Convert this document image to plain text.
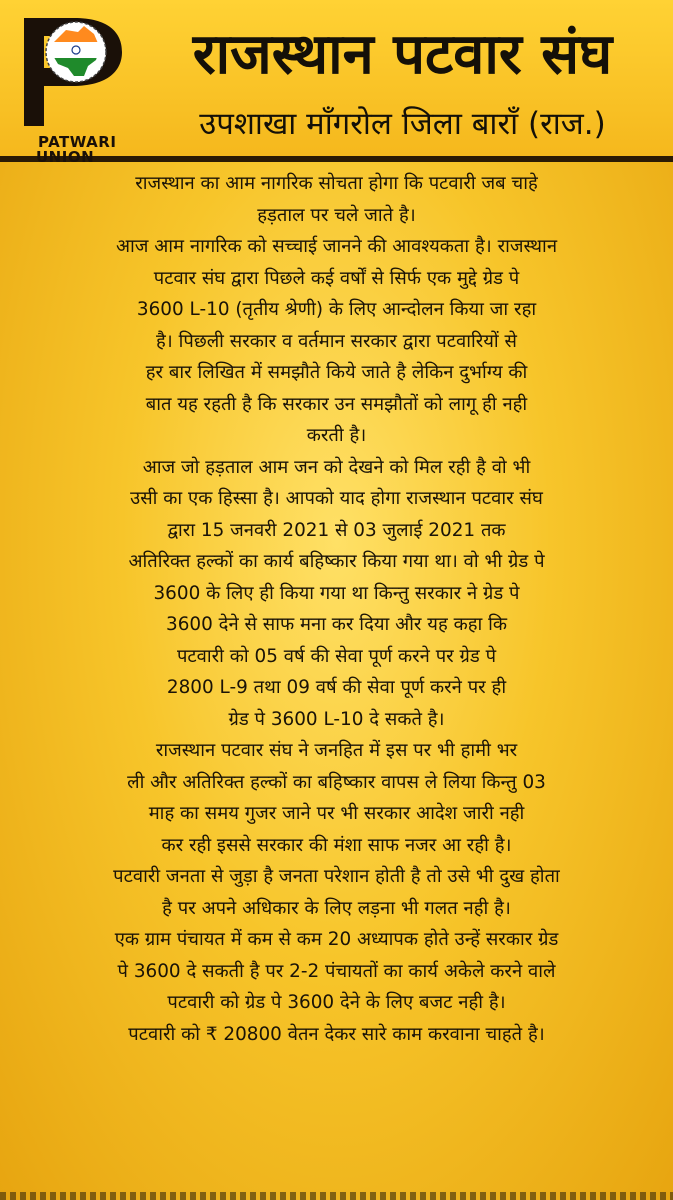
PATWARI
UNION
राजस्थान पटवार संघ
उपशाखा माँगरोल जिला बाराँ (राज.)

राजस्थान का आम नागरिक सोचता होगा कि पटवारी जब चाहे

हड़ताल पर चले जाते है।

आज आम नागरिक को सच्चाई जानने की आवश्यकता है। राजस्थान

पटवार संघ द्वारा पिछले कई वर्षों से सिर्फ एक मुद्दे ग्रेड पे

3600 L-10 (तृतीय श्रेणी) के लिए आन्दोलन किया जा रहा

है। पिछली सरकार व वर्तमान सरकार द्वारा पटवारियों से

हर बार लिखित में समझौते किये जाते है लेकिन दुर्भाग्य की

बात यह रहती है कि सरकार उन समझौतों को लागू ही नही

करती है।

आज जो हड़ताल आम जन को देखने को मिल रही है वो भी

उसी का एक हिस्सा है। आपको याद होगा राजस्थान पटवार संघ

द्वारा 15 जनवरी 2021 से 03 जुलाई 2021 तक

अतिरिक्त हल्कों का कार्य बहिष्कार किया गया था। वो भी ग्रेड पे

3600 के लिए ही किया गया था किन्तु सरकार ने ग्रेड पे

3600 देने से साफ मना कर दिया और यह कहा कि

पटवारी को 05 वर्ष की सेवा पूर्ण करने पर ग्रेड पे

2800 L-9 तथा 09 वर्ष की सेवा पूर्ण करने पर ही

ग्रेड पे 3600 L-10 दे सकते है।

राजस्थान पटवार संघ ने जनहित में इस पर भी हामी भर

ली और अतिरिक्त हल्कों का बहिष्कार वापस ले लिया किन्तु 03

माह का समय गुजर जाने पर भी सरकार आदेश जारी नही

कर रही इससे सरकार की मंशा साफ नजर आ रही है।

पटवारी जनता से जुड़ा है जनता परेशान होती है तो उसे भी दुख होता

है पर अपने अधिकार के लिए लड़ना भी गलत नही है।

एक ग्राम पंचायत में कम से कम 20 अध्यापक होते उन्हें सरकार ग्रेड

पे 3600 दे सकती है पर 2-2 पंचायतों का कार्य अकेले करने वाले

पटवारी को ग्रेड पे 3600 देने के लिए बजट नही है।

पटवारी को ₹ 20800 वेतन देकर सारे काम करवाना चाहते है।
